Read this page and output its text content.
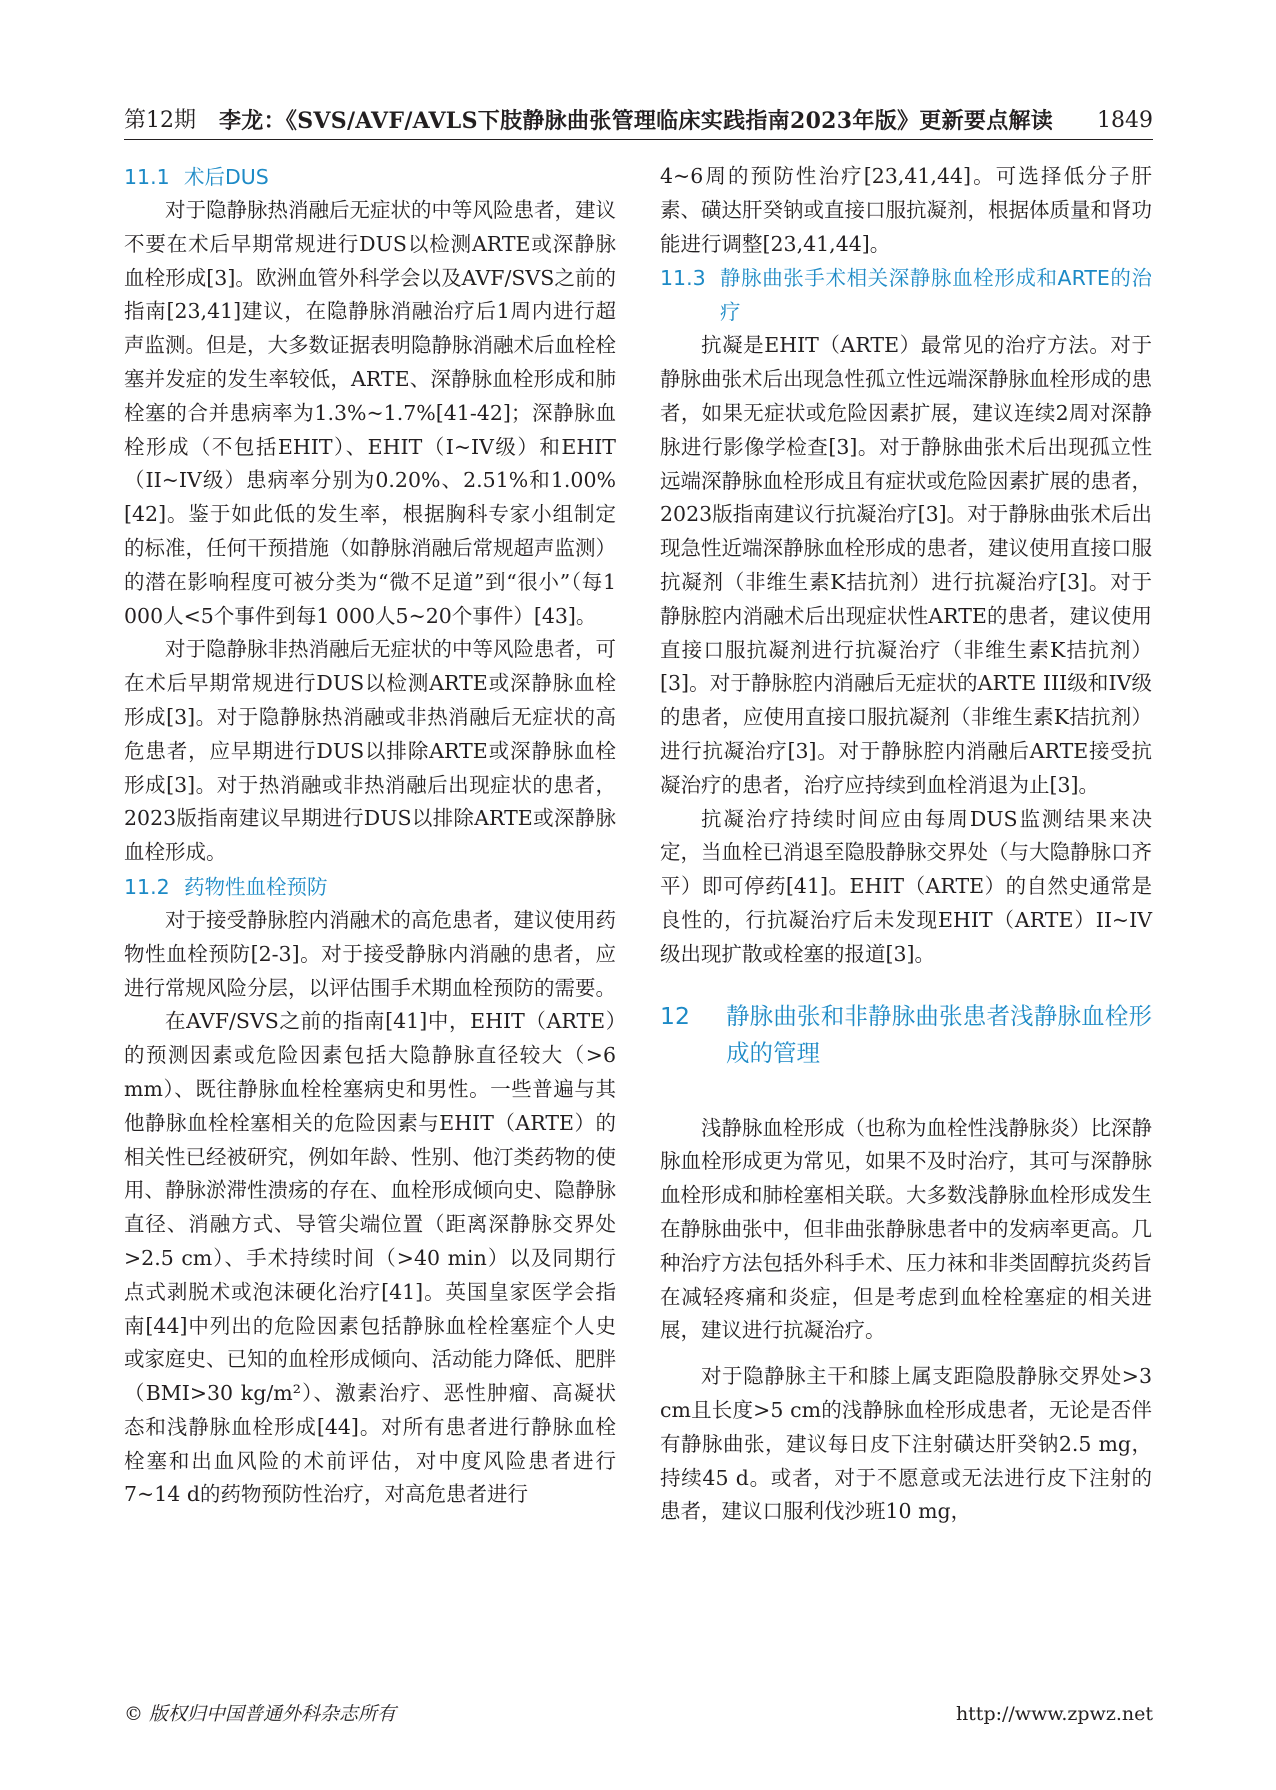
第12期	李龙：《SVS/AVF/AVLS下肢静脉曲张管理临床实践指南2023年版》更新要点解读	1849
11.1 术后DUS

对于隐静脉热消融后无症状的中等风险患者，建议不要在术后早期常规进行DUS以检测ARTE或深静脉血栓形成[3]。欧洲血管外科学会以及AVF/SVS之前的指南[23,41]建议，在隐静脉消融治疗后1周内进行超声监测。但是，大多数证据表明隐静脉消融术后血栓栓塞并发症的发生率较低，ARTE、深静脉血栓形成和肺栓塞的合并患病率为1.3%~1.7%[41-42]；深静脉血栓形成（不包括EHIT）、EHIT（I~IV级）和EHIT（II~IV级）患病率分别为0.20%、2.51%和1.00%[42]。鉴于如此低的发生率，根据胸科专家小组制定的标准，任何干预措施（如静脉消融后常规超声监测）的潜在影响程度可被分类为“微不足道”到“很小”（每1 000人<5个事件到每1 000人5~20个事件）[43]。

对于隐静脉非热消融后无症状的中等风险患者，可在术后早期常规进行DUS以检测ARTE或深静脉血栓形成[3]。对于隐静脉热消融或非热消融后无症状的高危患者，应早期进行DUS以排除ARTE或深静脉血栓形成[3]。对于热消融或非热消融后出现症状的患者，2023版指南建议早期进行DUS以排除ARTE或深静脉血栓形成。

11.2 药物性血栓预防

对于接受静脉腔内消融术的高危患者，建议使用药物性血栓预防[2-3]。对于接受静脉内消融的患者，应进行常规风险分层，以评估围手术期血栓预防的需要。

在AVF/SVS之前的指南[41]中，EHIT（ARTE）的预测因素或危险因素包括大隐静脉直径较大（>6 mm）、既往静脉血栓栓塞病史和男性。一些普遍与其他静脉血栓栓塞相关的危险因素与EHIT（ARTE）的相关性已经被研究，例如年龄、性别、他汀类药物的使用、静脉淤滞性溃疡的存在、血栓形成倾向史、隐静脉直径、消融方式、导管尖端位置（距离深静脉交界处>2.5 cm）、手术持续时间（>40 min）以及同期行点式剥脱术或泡沫硬化治疗[41]。英国皇家医学会指南[44]中列出的危险因素包括静脉血栓栓塞症个人史或家庭史、已知的血栓形成倾向、活动能力降低、肥胖（BMI>30 kg/m²）、激素治疗、恶性肿瘤、高凝状态和浅静脉血栓形成[44]。对所有患者进行静脉血栓栓塞和出血风险的术前评估，对中度风险患者进行7~14 d的药物预防性治疗，对高危患者进行

4~6周的预防性治疗[23,41,44]。可选择低分子肝素、磺达肝癸钠或直接口服抗凝剂，根据体质量和肾功能进行调整[23,41,44]。

11.3 静脉曲张手术相关深静脉血栓形成和ARTE的治疗

抗凝是EHIT（ARTE）最常见的治疗方法。对于静脉曲张术后出现急性孤立性远端深静脉血栓形成的患者，如果无症状或危险因素扩展，建议连续2周对深静脉进行影像学检查[3]。对于静脉曲张术后出现孤立性远端深静脉血栓形成且有症状或危险因素扩展的患者，2023版指南建议行抗凝治疗[3]。对于静脉曲张术后出现急性近端深静脉血栓形成的患者，建议使用直接口服抗凝剂（非维生素K拮抗剂）进行抗凝治疗[3]。对于静脉腔内消融术后出现症状性ARTE的患者，建议使用直接口服抗凝剂进行抗凝治疗（非维生素K拮抗剂）[3]。对于静脉腔内消融后无症状的ARTE III级和IV级的患者，应使用直接口服抗凝剂（非维生素K拮抗剂）进行抗凝治疗[3]。对于静脉腔内消融后ARTE接受抗凝治疗的患者，治疗应持续到血栓消退为止[3]。

抗凝治疗持续时间应由每周DUS监测结果来决定，当血栓已消退至隐股静脉交界处（与大隐静脉口齐平）即可停药[41]。EHIT（ARTE）的自然史通常是良性的，行抗凝治疗后未发现EHIT（ARTE）II~IV级出现扩散或栓塞的报道[3]。

12	静脉曲张和非静脉曲张患者浅静脉血栓形成的管理

浅静脉血栓形成（也称为血栓性浅静脉炎）比深静脉血栓形成更为常见，如果不及时治疗，其可与深静脉血栓形成和肺栓塞相关联。大多数浅静脉血栓形成发生在静脉曲张中，但非曲张静脉患者中的发病率更高。几种治疗方法包括外科手术、压力袜和非类固醇抗炎药旨在减轻疼痛和炎症，但是考虑到血栓栓塞症的相关进展，建议进行抗凝治疗。

对于隐静脉主干和膝上属支距隐股静脉交界处>3 cm且长度>5 cm的浅静脉血栓形成患者，无论是否伴有静脉曲张，建议每日皮下注射磺达肝癸钠2.5 mg，持续45 d。或者，对于不愿意或无法进行皮下注射的患者，建议口服利伐沙班10 mg，

© 版权归中国普通外科杂志所有	http://www.zpwz.net
